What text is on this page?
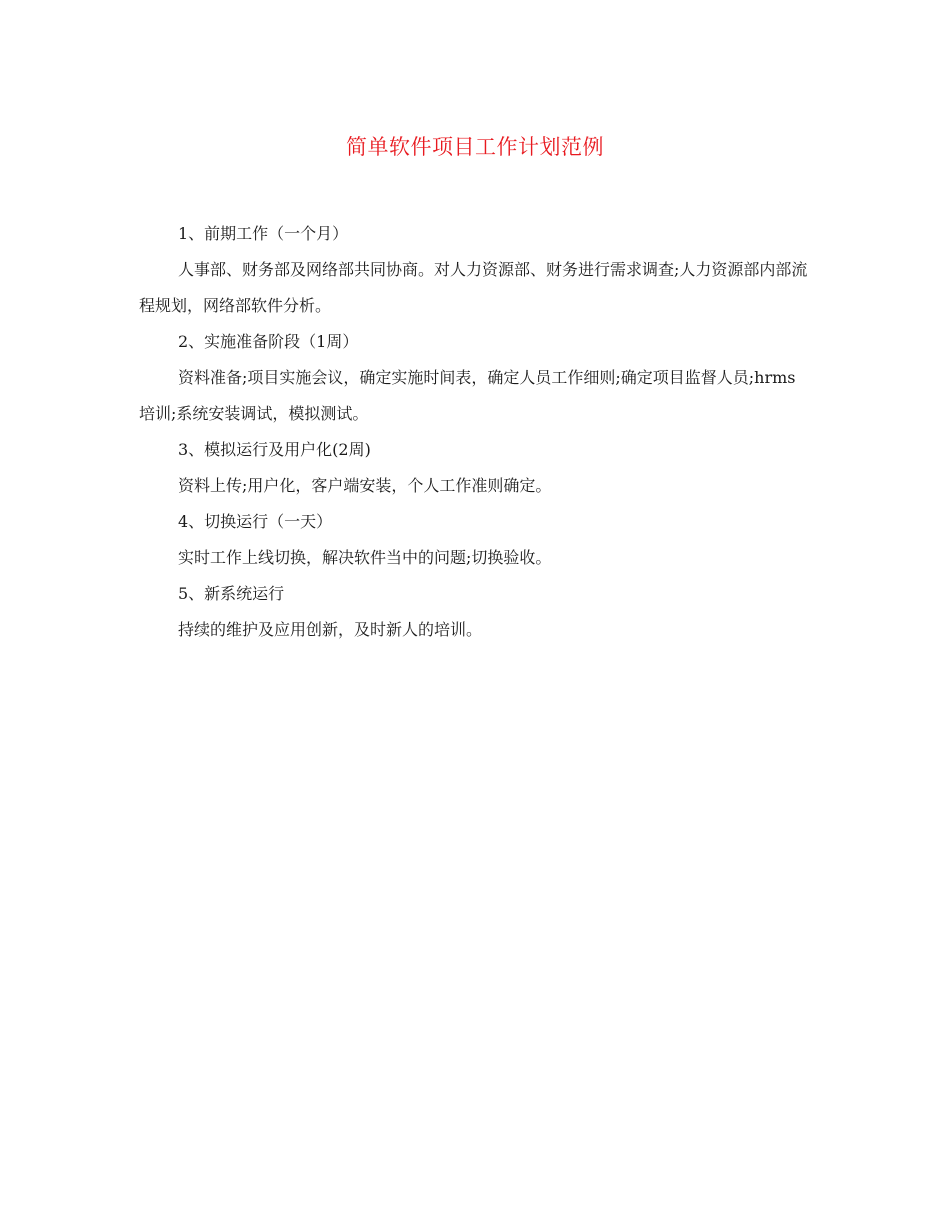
简单软件项目工作计划范例

1、前期工作（一个月）

人事部、财务部及网络部共同协商。对人力资源部、财务进行需求调查;人力资源部内部流程规划，网络部软件分析。

2、实施准备阶段（1周）

资料准备;项目实施会议，确定实施时间表，确定人员工作细则;确定项目监督人员;hrms培训;系统安装调试，模拟测试。

3、模拟运行及用户化(2周)

资料上传;用户化，客户端安装，个人工作准则确定。

4、切换运行（一天）

实时工作上线切换，解决软件当中的问题;切换验收。

5、新系统运行

持续的维护及应用创新，及时新人的培训。
